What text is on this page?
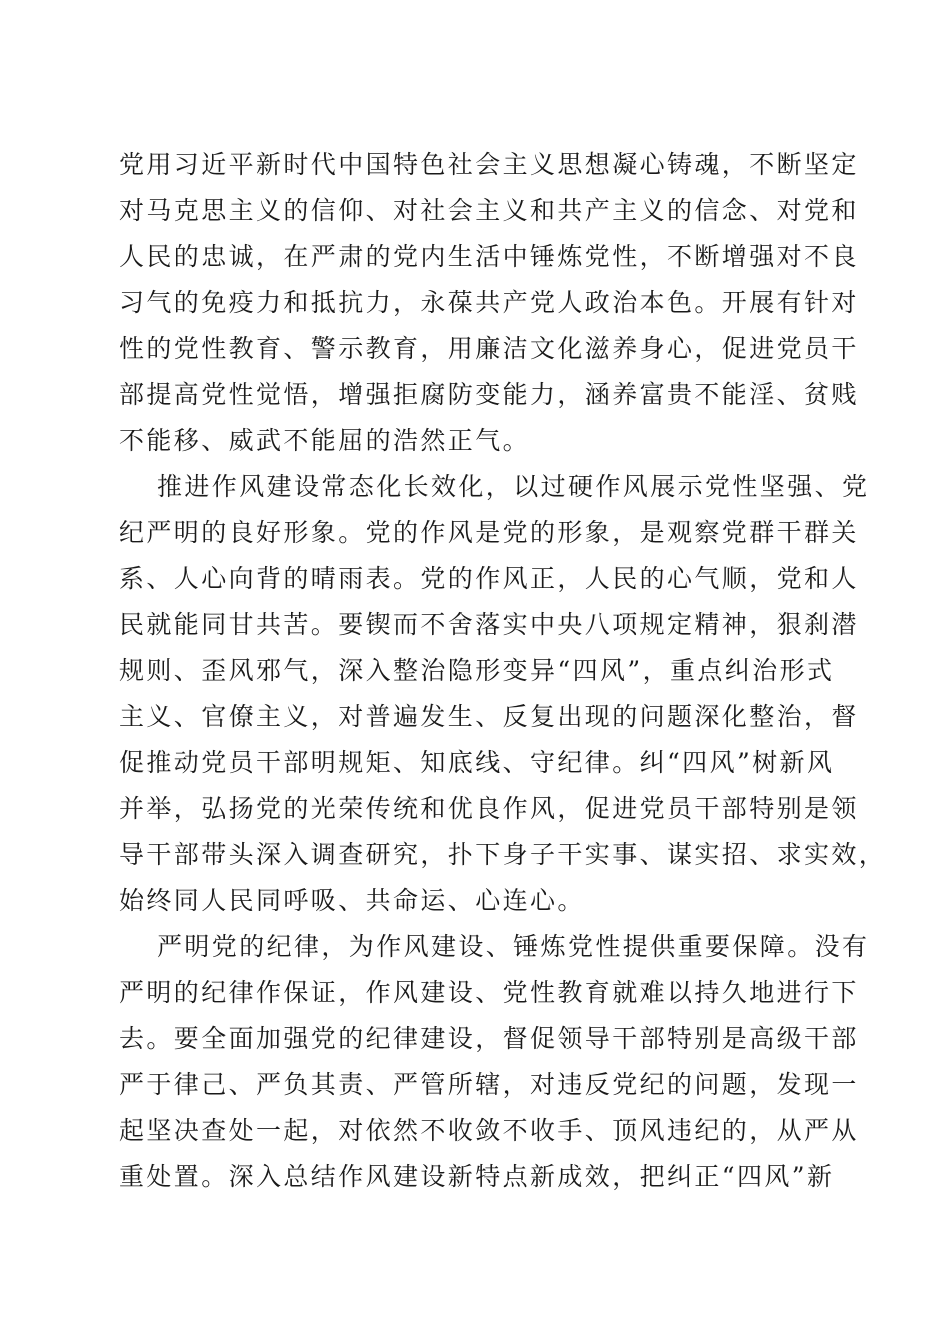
党用习近平新时代中国特色社会主义思想凝心铸魂，不断坚定
对马克思主义的信仰、对社会主义和共产主义的信念、对党和
人民的忠诚，在严肃的党内生活中锤炼党性，不断增强对不良
习气的免疫力和抵抗力，永葆共产党人政治本色。开展有针对
性的党性教育、警示教育，用廉洁文化滋养身心，促进党员干
部提高党性觉悟，增强拒腐防变能力，涵养富贵不能淫、贫贱
不能移、威武不能屈的浩然正气。
推进作风建设常态化长效化，以过硬作风展示党性坚强、党
纪严明的良好形象。党的作风是党的形象，是观察党群干群关
系、人心向背的晴雨表。党的作风正，人民的心气顺，党和人
民就能同甘共苦。要锲而不舍落实中央八项规定精神，狠刹潜
规则、歪风邪气，深入整治隐形变异“四风”，重点纠治形式
主义、官僚主义，对普遍发生、反复出现的问题深化整治，督
促推动党员干部明规矩、知底线、守纪律。纠“四风”树新风
并举，弘扬党的光荣传统和优良作风，促进党员干部特别是领
导干部带头深入调查研究，扑下身子干实事、谋实招、求实效，
始终同人民同呼吸、共命运、心连心。
严明党的纪律，为作风建设、锤炼党性提供重要保障。没有
严明的纪律作保证，作风建设、党性教育就难以持久地进行下
去。要全面加强党的纪律建设，督促领导干部特别是高级干部
严于律己、严负其责、严管所辖，对违反党纪的问题，发现一
起坚决查处一起，对依然不收敛不收手、顶风违纪的，从严从
重处置。深入总结作风建设新特点新成效，把纠正“四风”新
